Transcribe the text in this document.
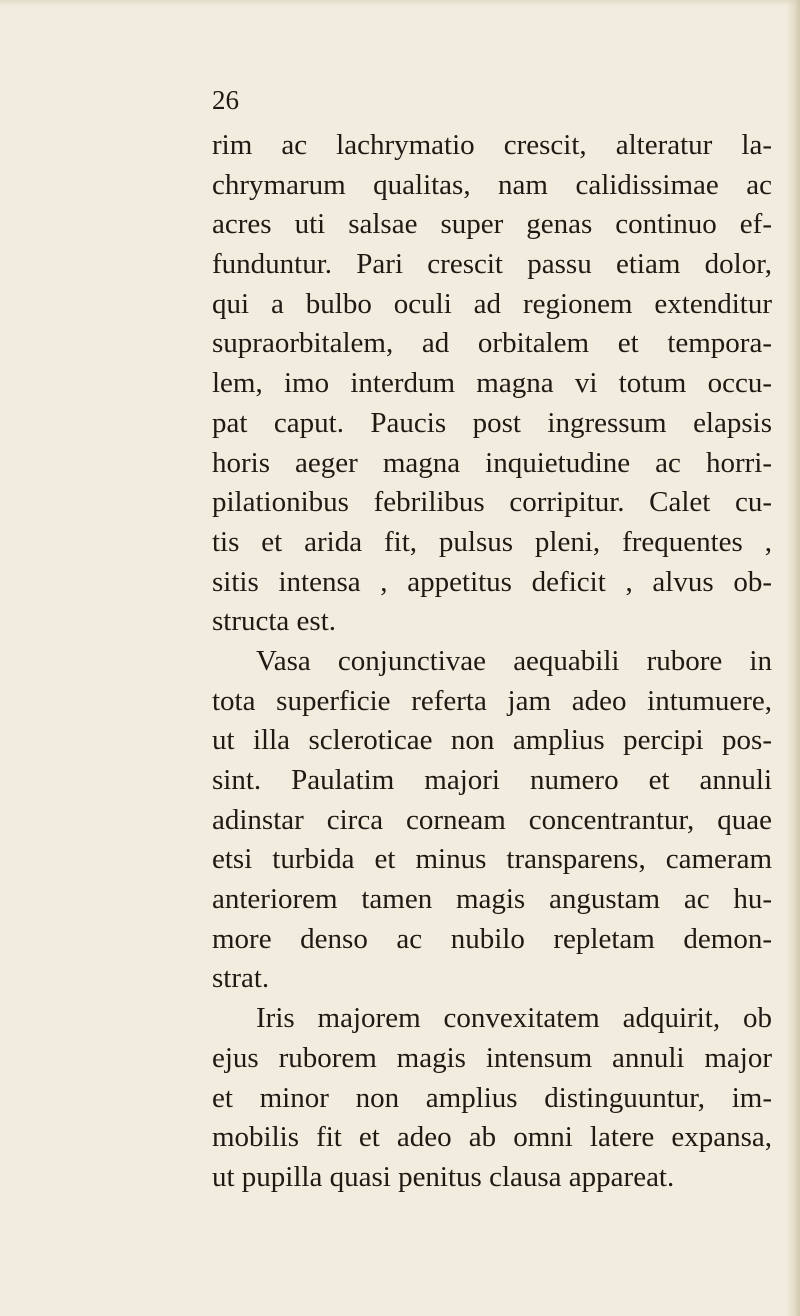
26
rim ac lachrymatio crescit, alteratur la-
chrymarum qualitas, nam calidissimae ac
acres uti salsae super genas continuo ef-
funduntur. Pari crescit passu etiam dolor,
qui a bulbo oculi ad regionem extenditur
supraorbitalem, ad orbitalem et tempora-
lem, imo interdum magna vi totum occu-
pat caput. Paucis post ingressum elapsis
horis aeger magna inquietudine ac horri-
pilationibus febrilibus corripitur. Calet cu-
tis et arida fit, pulsus pleni, frequentes ,
sitis intensa , appetitus deficit , alvus ob-
structa est.
Vasa conjunctivae aequabili rubore in
tota superficie referta jam adeo intumuere,
ut illa scleroticae non amplius percipi pos-
sint. Paulatim majori numero et annuli
adinstar circa corneam concentrantur, quae
etsi turbida et minus transparens, cameram
anteriorem tamen magis angustam ac hu-
more denso ac nubilo repletam demon-
strat.
Iris majorem convexitatem adquirit, ob
ejus ruborem magis intensum annuli major
et minor non amplius distinguuntur, im-
mobilis fit et adeo ab omni latere expansa,
ut pupilla quasi penitus clausa appareat.
